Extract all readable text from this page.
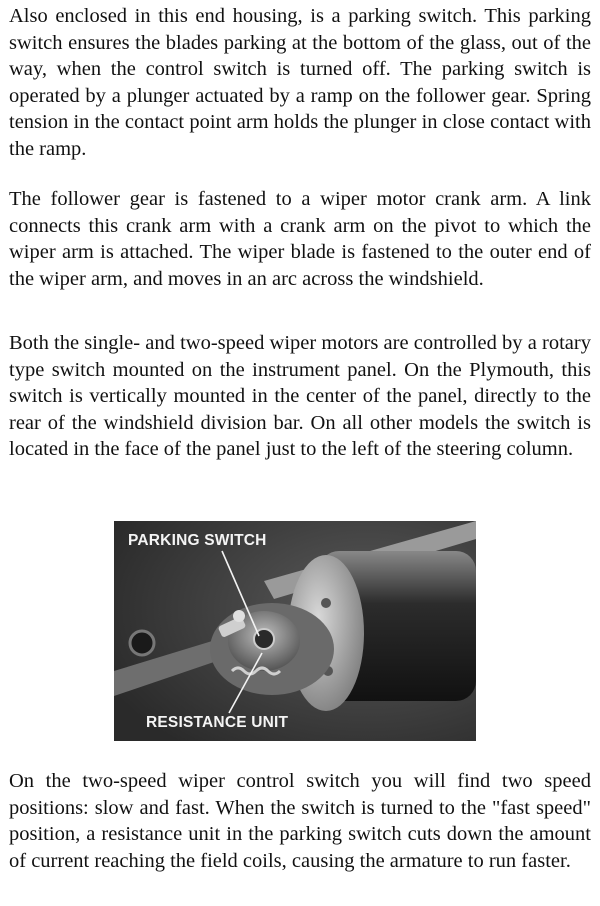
Also enclosed in this end housing, is a parking switch. This parking switch ensures the blades parking at the bottom of the glass, out of the way, when the control switch is turned off. The parking switch is operated by a plunger actuated by a ramp on the follower gear. Spring tension in the contact point arm holds the plunger in close contact with the ramp.

The follower gear is fastened to a wiper motor crank arm. A link connects this crank arm with a crank arm on the pivot to which the wiper arm is attached. The wiper blade is fastened to the outer end of the wiper arm, and moves in an arc across the windshield.

Both the single- and two-speed wiper motors are controlled by a rotary type switch mounted on the instrument panel. On the Plymouth, this switch is vertically mounted in the center of the panel, directly to the rear of the windshield division bar. On all other models the switch is located in the face of the panel just to the left of the steering column.

PARKING SWITCH
RESISTANCE UNIT

On the two-speed wiper control switch you will find two speed positions: slow and fast. When the switch is turned to the "fast speed" position, a resistance unit in the parking switch cuts down the amount of current reaching the field coils, causing the armature to run faster.
